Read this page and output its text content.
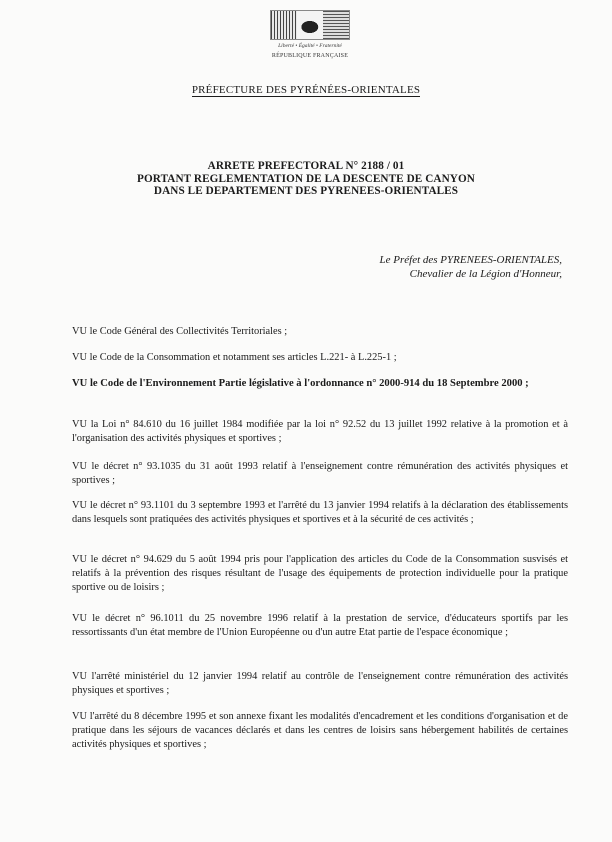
Liberté • Égalité • Fraternité
RÉPUBLIQUE FRANÇAISE
PRÉFECTURE DES PYRÉNÉES-ORIENTALES
ARRETE PREFECTORAL N° 2188 / 01
PORTANT REGLEMENTATION DE LA DESCENTE DE CANYON
DANS LE DEPARTEMENT DES PYRENEES-ORIENTALES
Le Préfet des PYRENEES-ORIENTALES,
Chevalier de la Légion d'Honneur,

VU le Code Général des Collectivités Territoriales ;

VU le Code de la Consommation et notamment ses articles L.221- à L.225-1 ;

VU le Code de l'Environnement Partie législative à l'ordonnance n° 2000-914 du 18 Septembre 2000 ;

VU la Loi n° 84.610 du 16 juillet 1984 modifiée par la loi n° 92.52 du 13 juillet 1992 relative à la promotion et à l'organisation des activités physiques et sportives ;

VU le décret n° 93.1035 du 31 août 1993 relatif à l'enseignement contre rémunération des activités physiques et sportives ;

VU le décret n° 93.1101 du 3 septembre 1993 et l'arrêté du 13 janvier 1994 relatifs à la déclaration des établissements dans lesquels sont pratiquées des activités physiques et sportives et à la sécurité de ces activités ;

VU le décret n° 94.629 du 5 août 1994 pris pour l'application des articles du Code de la Consommation susvisés et relatifs à la prévention des risques résultant de l'usage des équipements de protection individuelle pour la pratique sportive ou de loisirs ;

VU le décret n° 96.1011 du 25 novembre 1996 relatif à la prestation de service, d'éducateurs sportifs par les ressortissants d'un état membre de l'Union Européenne ou d'un autre Etat partie de l'espace économique ;

VU l'arrêté ministériel du 12 janvier 1994 relatif au contrôle de l'enseignement contre rémunération des activités physiques et sportives ;

VU l'arrêté du 8 décembre 1995 et son annexe fixant les modalités d'encadrement et les conditions d'organisation et de pratique dans les séjours de vacances déclarés et dans les centres de loisirs sans hébergement habilités de certaines activités physiques et sportives ;
